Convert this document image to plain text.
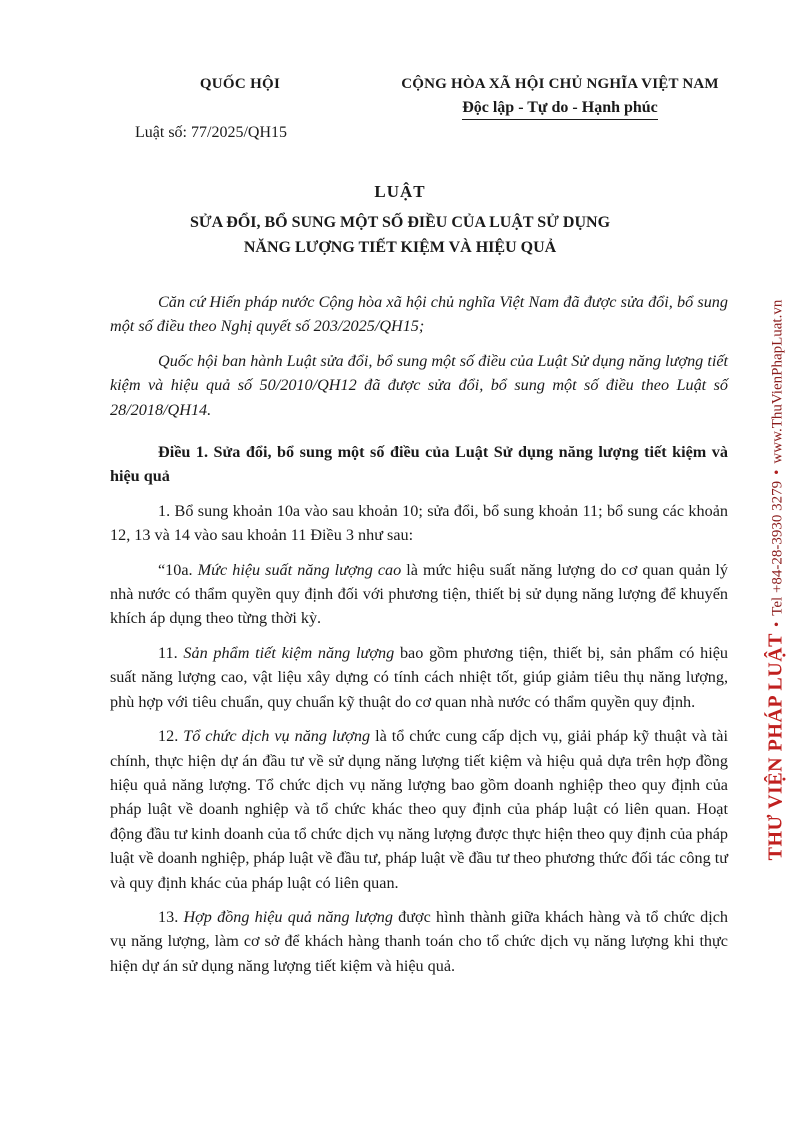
QUỐC HỘI
Luật số: 77/2025/QH15
CỘNG HÒA XÃ HỘI CHỦ NGHĨA VIỆT NAM
Độc lập - Tự do - Hạnh phúc
LUẬT
SỬA ĐỔI, BỔ SUNG MỘT SỐ ĐIỀU CỦA LUẬT SỬ DỤNG
NĂNG LƯỢNG TIẾT KIỆM VÀ HIỆU QUẢ

Căn cứ Hiến pháp nước Cộng hòa xã hội chủ nghĩa Việt Nam đã được sửa đổi, bổ sung một số điều theo Nghị quyết số 203/2025/QH15;

Quốc hội ban hành Luật sửa đổi, bổ sung một số điều của Luật Sử dụng năng lượng tiết kiệm và hiệu quả số 50/2010/QH12 đã được sửa đổi, bổ sung một số điều theo Luật số 28/2018/QH14.

Điều 1. Sửa đổi, bổ sung một số điều của Luật Sử dụng năng lượng tiết kiệm và hiệu quả

1. Bổ sung khoản 10a vào sau khoản 10; sửa đổi, bổ sung khoản 11; bổ sung các khoản 12, 13 và 14 vào sau khoản 11 Điều 3 như sau:

“10a. Mức hiệu suất năng lượng cao là mức hiệu suất năng lượng do cơ quan quản lý nhà nước có thẩm quyền quy định đối với phương tiện, thiết bị sử dụng năng lượng để khuyến khích áp dụng theo từng thời kỳ.

11. Sản phẩm tiết kiệm năng lượng bao gồm phương tiện, thiết bị, sản phẩm có hiệu suất năng lượng cao, vật liệu xây dựng có tính cách nhiệt tốt, giúp giảm tiêu thụ năng lượng, phù hợp với tiêu chuẩn, quy chuẩn kỹ thuật do cơ quan nhà nước có thẩm quyền quy định.

12. Tổ chức dịch vụ năng lượng là tổ chức cung cấp dịch vụ, giải pháp kỹ thuật và tài chính, thực hiện dự án đầu tư về sử dụng năng lượng tiết kiệm và hiệu quả dựa trên hợp đồng hiệu quả năng lượng. Tổ chức dịch vụ năng lượng bao gồm doanh nghiệp theo quy định của pháp luật về doanh nghiệp và tổ chức khác theo quy định của pháp luật có liên quan. Hoạt động đầu tư kinh doanh của tổ chức dịch vụ năng lượng được thực hiện theo quy định của pháp luật về doanh nghiệp, pháp luật về đầu tư, pháp luật về đầu tư theo phương thức đối tác công tư và quy định khác của pháp luật có liên quan.

13. Hợp đồng hiệu quả năng lượng được hình thành giữa khách hàng và tổ chức dịch vụ năng lượng, làm cơ sở để khách hàng thanh toán cho tổ chức dịch vụ năng lượng khi thực hiện dự án sử dụng năng lượng tiết kiệm và hiệu quả.

THƯ VIỆN PHÁP LUẬT•Tel +84-28-3930 3279•www.ThuVienPhapLuat.vn
